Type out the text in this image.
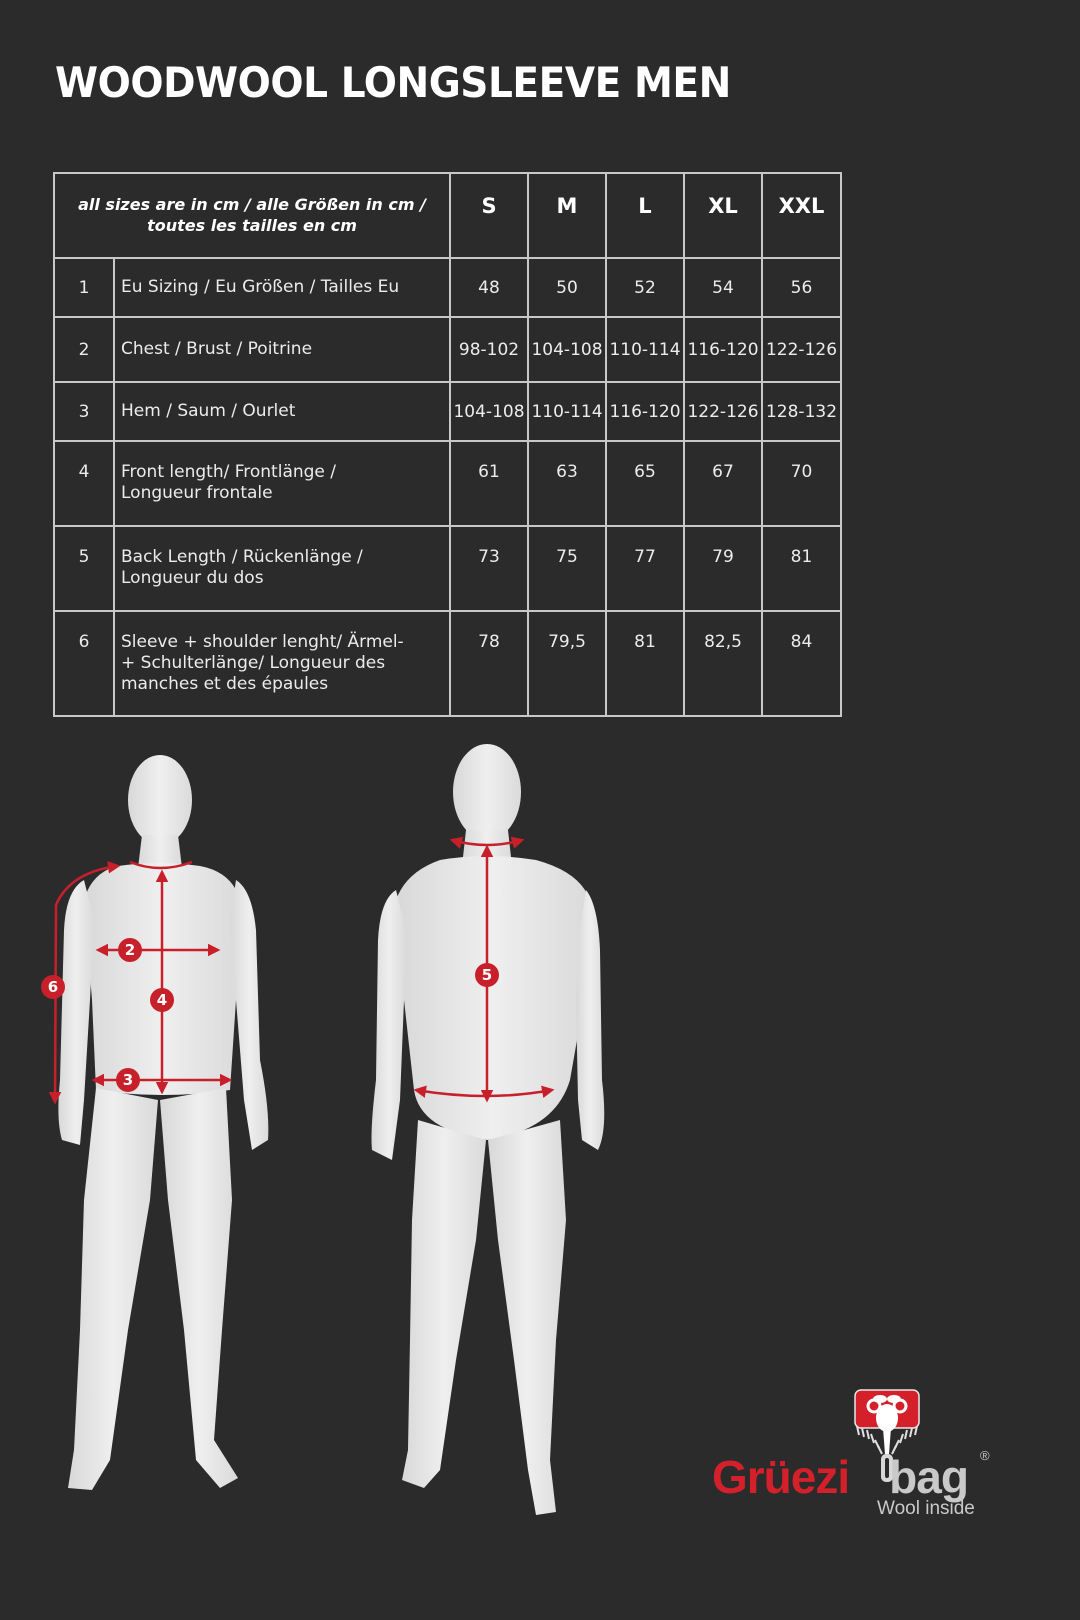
WOODWOOL LONGSLEEVE MEN
all sizes are in cm / alle Größen in cm /
toutes les tailles en cm		S	M	L	XL	XXL
1	Eu Sizing / Eu Größen / Tailles Eu	48	50	52	54	56
2	Chest / Brust / Poitrine	98-102	104-108	110-114	116-120	122-126
3	Hem / Saum / Ourlet	104-108	110-114	116-120	122-126	128-132
4	Front length/ Frontlänge /
Longueur frontale	61	63	65	67	70
5	Back Length / Rückenlänge /
Longueur du dos	73	75	77	79	81
6	Sleeve + shoulder lenght/ Ärmel-
+ Schulterlänge/ Longueur des
manches et des épaules	78	79,5	81	82,5	84
2
4
3
6
5
Grüezi bag ®
Wool inside
